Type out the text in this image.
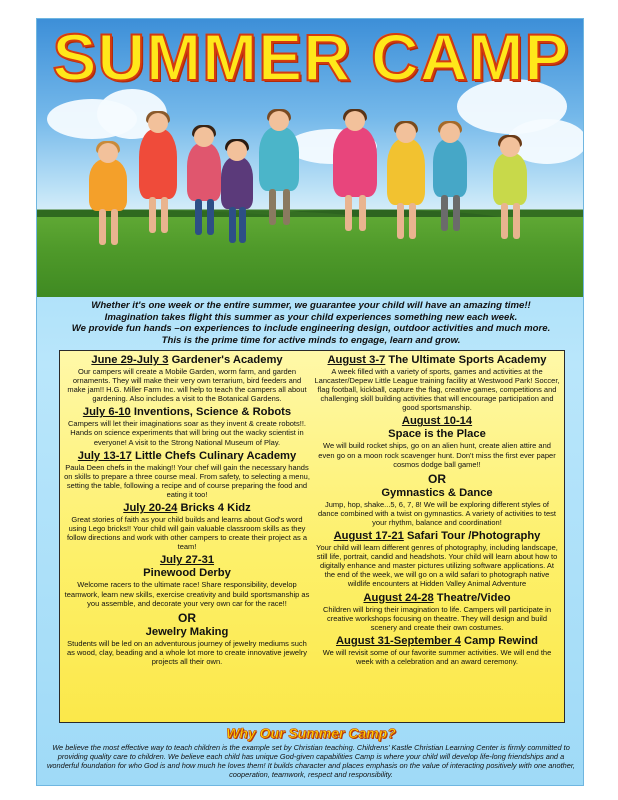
SUMMER CAMP
Whether it's one week or the entire summer, we guarantee your child will have an amazing time!!
Imagination takes flight this summer as your child experiences something new each week.
We provide fun hands –on experiences to include engineering design, outdoor activities and much more.
This is the prime time for active minds to engage, learn and grow.
June 29-July 3 Gardener's Academy
Our campers will create a Mobile Garden, worm farm, and garden ornaments. They will make their very own terrarium, bird feeders and make jam!! H.G. Miller Farm Inc. will help to teach the campers all about gardening. Also includes a visit to the Botanical Gardens.
July 6-10 Inventions, Science & Robots
Campers will let their imaginations soar as they invent & create robots!!. Hands on science experiments that will bring out the wacky scientist in everyone! A visit to the Strong National Museum of Play.
July 13-17 Little Chefs Culinary Academy
Paula Deen chefs in the making!! Your chef will gain the necessary hands on skills to prepare a three course meal. From safety, to selecting a menu, setting the table, following a recipe and of course preparing the food and eating it too!
July 20-24 Bricks 4 Kidz
Great stories of faith as your child builds and learns about God's word using Lego bricks!! Your child will gain valuable classroom skills as they follow directions and work with other campers to create their project as a team!
July 27-31
Pinewood Derby
Welcome racers to the ultimate race! Share responsibility, develop teamwork, learn new skills, exercise creativity and build sportsmanship as you assemble, and decorate your very own car for the race!!
OR
Jewelry Making
Students will be led on an adventurous journey of jewelry mediums such as wood, clay, beading and a whole lot more to create innovative jewelry projects all their own.
August 3-7 The Ultimate Sports Academy
A week filled with a variety of sports, games and activities at the Lancaster/Depew Little League training facility at Westwood Park! Soccer, flag football, kickball, capture the flag, creative games, competitions and challenging skill building activities that will encourage participation and good sportsmanship.
August 10-14
Space is the Place
We will build rocket ships, go on an alien hunt, create alien attire and even go on a moon rock scavenger hunt. Don't miss the first ever paper cosmos dodge ball game!!
OR
Gymnastics & Dance
Jump, hop, shake...5, 6, 7, 8! We will be exploring different styles of dance combined with a twist on gymnastics. A variety of activities to test your rhythm, balance and coordination!
August 17-21 Safari Tour /Photography
Your child will learn different genres of photography, including landscape, still life, portrait, candid and headshots. Your child will learn about how to digitally enhance and master pictures utilizing software applications. At the end of the week, we will go on a wild safari to photograph native wildlife encounters at Hidden Valley Animal Adventure
August 24-28 Theatre/Video
Children will bring their imagination to life. Campers will participate in creative workshops focusing on theatre. They will design and build scenery and create their own costumes.
August 31-September 4 Camp Rewind
We will revisit some of our favorite summer activities. We will end the week with a celebration and an award ceremony.
Why Our Summer Camp?
We believe the most effective way to teach children is the example set by Christian teaching. Childrens' Kastle Christian Learning Center is firmly committed to providing quality care to children. We believe each child has unique God-given capabilities Camp is where your child will develop life-long friendships and a wonderful foundation for who God is and how much he loves them! It builds character and places emphasis on the value of interacting positively with one another, cooperation, teamwork, respect and responsibility.
